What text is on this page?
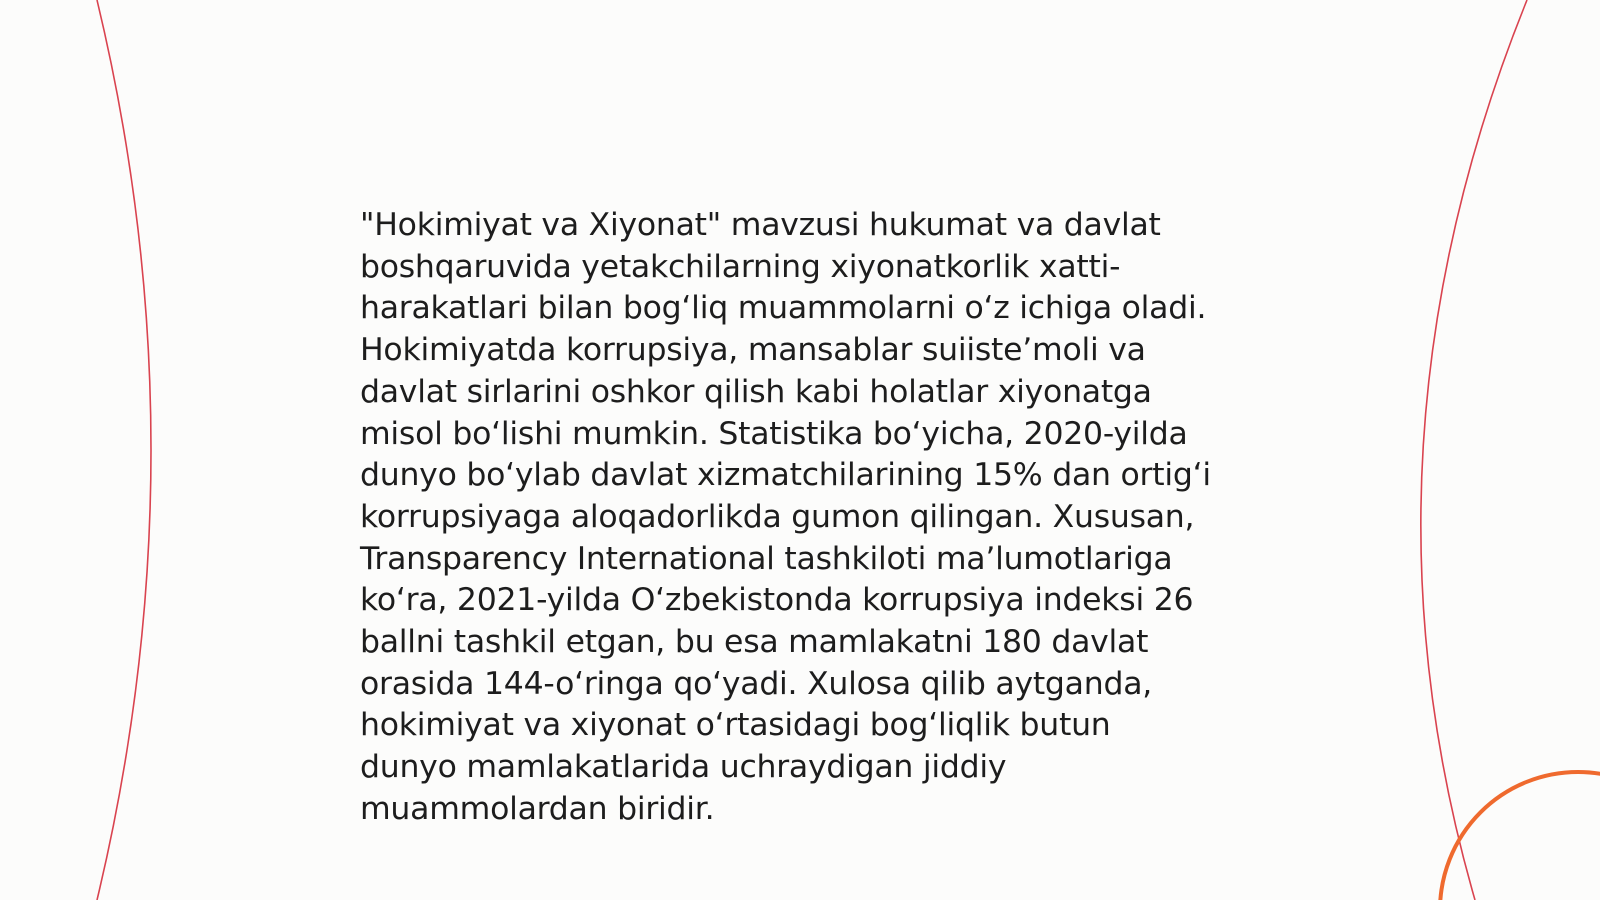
"Hokimiyat va Xiyonat" mavzusi hukumat va davlat
boshqaruvida yetakchilarning xiyonatkorlik xatti-
harakatlari bilan bog‘liq muammolarni o‘z ichiga oladi.
Hokimiyatda korrupsiya, mansablar suiiste’moli va
davlat sirlarini oshkor qilish kabi holatlar xiyonatga
misol bo‘lishi mumkin. Statistika bo‘yicha, 2020-yilda
dunyo bo‘ylab davlat xizmatchilarining 15% dan ortig‘i
korrupsiyaga aloqadorlikda gumon qilingan. Xususan,
Transparency International tashkiloti ma’lumotlariga
ko‘ra, 2021-yilda O‘zbekistonda korrupsiya indeksi 26
ballni tashkil etgan, bu esa mamlakatni 180 davlat
orasida 144-o‘ringa qo‘yadi. Xulosa qilib aytganda,
hokimiyat va xiyonat o‘rtasidagi bog‘liqlik butun
dunyo mamlakatlarida uchraydigan jiddiy
muammolardan biridir.
